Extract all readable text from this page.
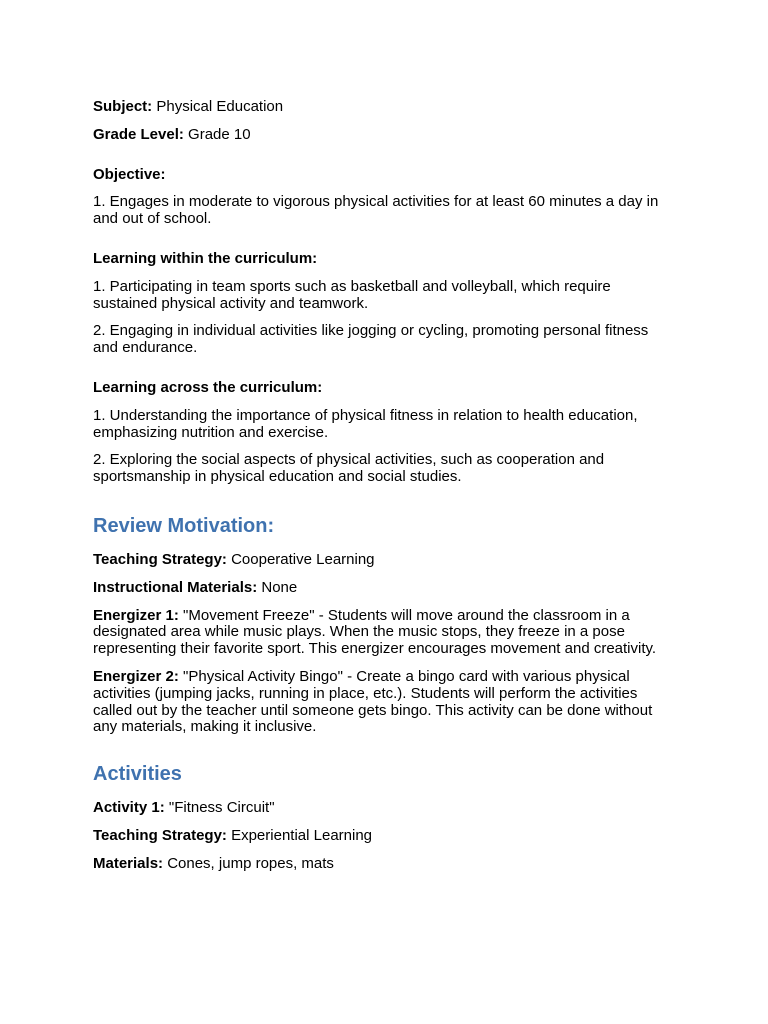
Subject: Physical Education

Grade Level: Grade 10

Objective:

1. Engages in moderate to vigorous physical activities for at least 60 minutes a day in and out of school.

Learning within the curriculum:

1. Participating in team sports such as basketball and volleyball, which require sustained physical activity and teamwork.

2. Engaging in individual activities like jogging or cycling, promoting personal fitness and endurance.

Learning across the curriculum:

1. Understanding the importance of physical fitness in relation to health education, emphasizing nutrition and exercise.

2. Exploring the social aspects of physical activities, such as cooperation and sportsmanship in physical education and social studies.

Review Motivation:

Teaching Strategy: Cooperative Learning

Instructional Materials: None

Energizer 1: "Movement Freeze" - Students will move around the classroom in a designated area while music plays. When the music stops, they freeze in a pose representing their favorite sport. This energizer encourages movement and creativity.

Energizer 2: "Physical Activity Bingo" - Create a bingo card with various physical activities (jumping jacks, running in place, etc.). Students will perform the activities called out by the teacher until someone gets bingo. This activity can be done without any materials, making it inclusive.

Activities

Activity 1: "Fitness Circuit"

Teaching Strategy: Experiential Learning

Materials: Cones, jump ropes, mats
